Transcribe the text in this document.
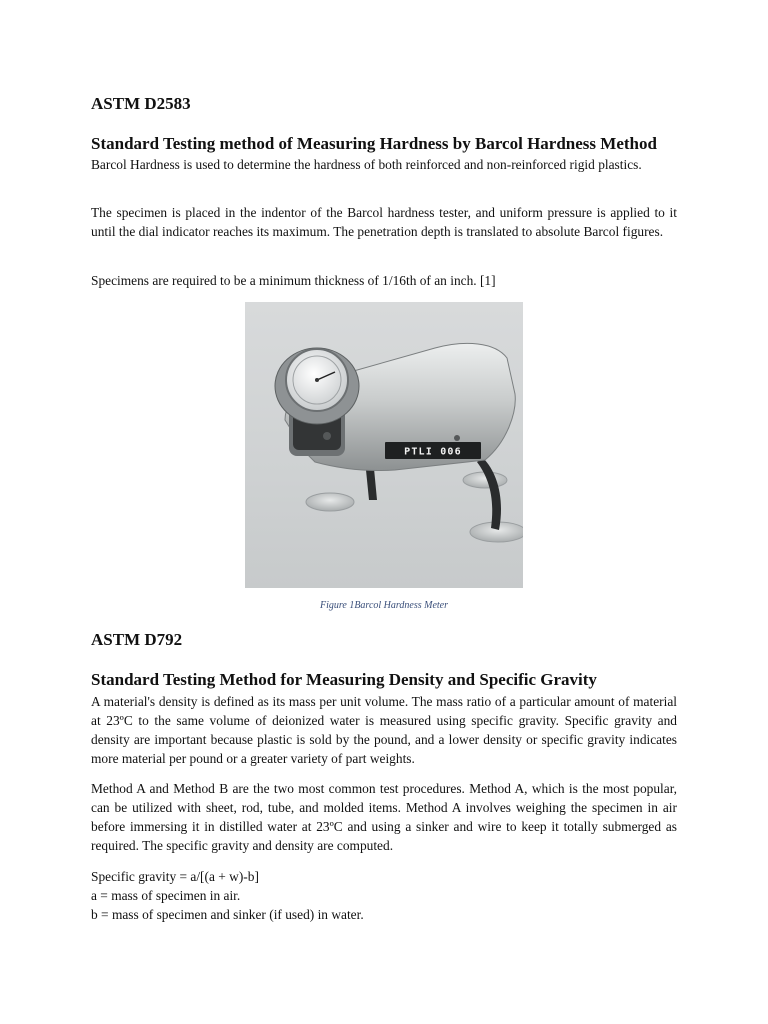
ASTM D2583
Standard Testing method of Measuring Hardness by Barcol Hardness Method

Barcol Hardness is used to determine the hardness of both reinforced and non-reinforced rigid plastics.

The specimen is placed in the indentor of the Barcol hardness tester, and uniform pressure is applied to it until the dial indicator reaches its maximum. The penetration depth is translated to absolute Barcol figures.

Specimens are required to be a minimum thickness of 1/16th of an inch. [1]

PTLI 006
Figure 1Barcol Hardness Meter
ASTM D792
Standard Testing Method for Measuring Density and Specific Gravity

A material's density is defined as its mass per unit volume. The mass ratio of a particular amount of material at 23ºC to the same volume of deionized water is measured using specific gravity. Specific gravity and density are important because plastic is sold by the pound, and a lower density or specific gravity indicates more material per pound or a greater variety of part weights.

Method A and Method B are the two most common test procedures. Method A, which is the most popular, can be utilized with sheet, rod, tube, and molded items. Method A involves weighing the specimen in air before immersing it in distilled water at 23ºC and using a sinker and wire to keep it totally submerged as required. The specific gravity and density are computed.

Specific gravity = a/[(a + w)-b]

a = mass of specimen in air.

b = mass of specimen and sinker (if used) in water.
